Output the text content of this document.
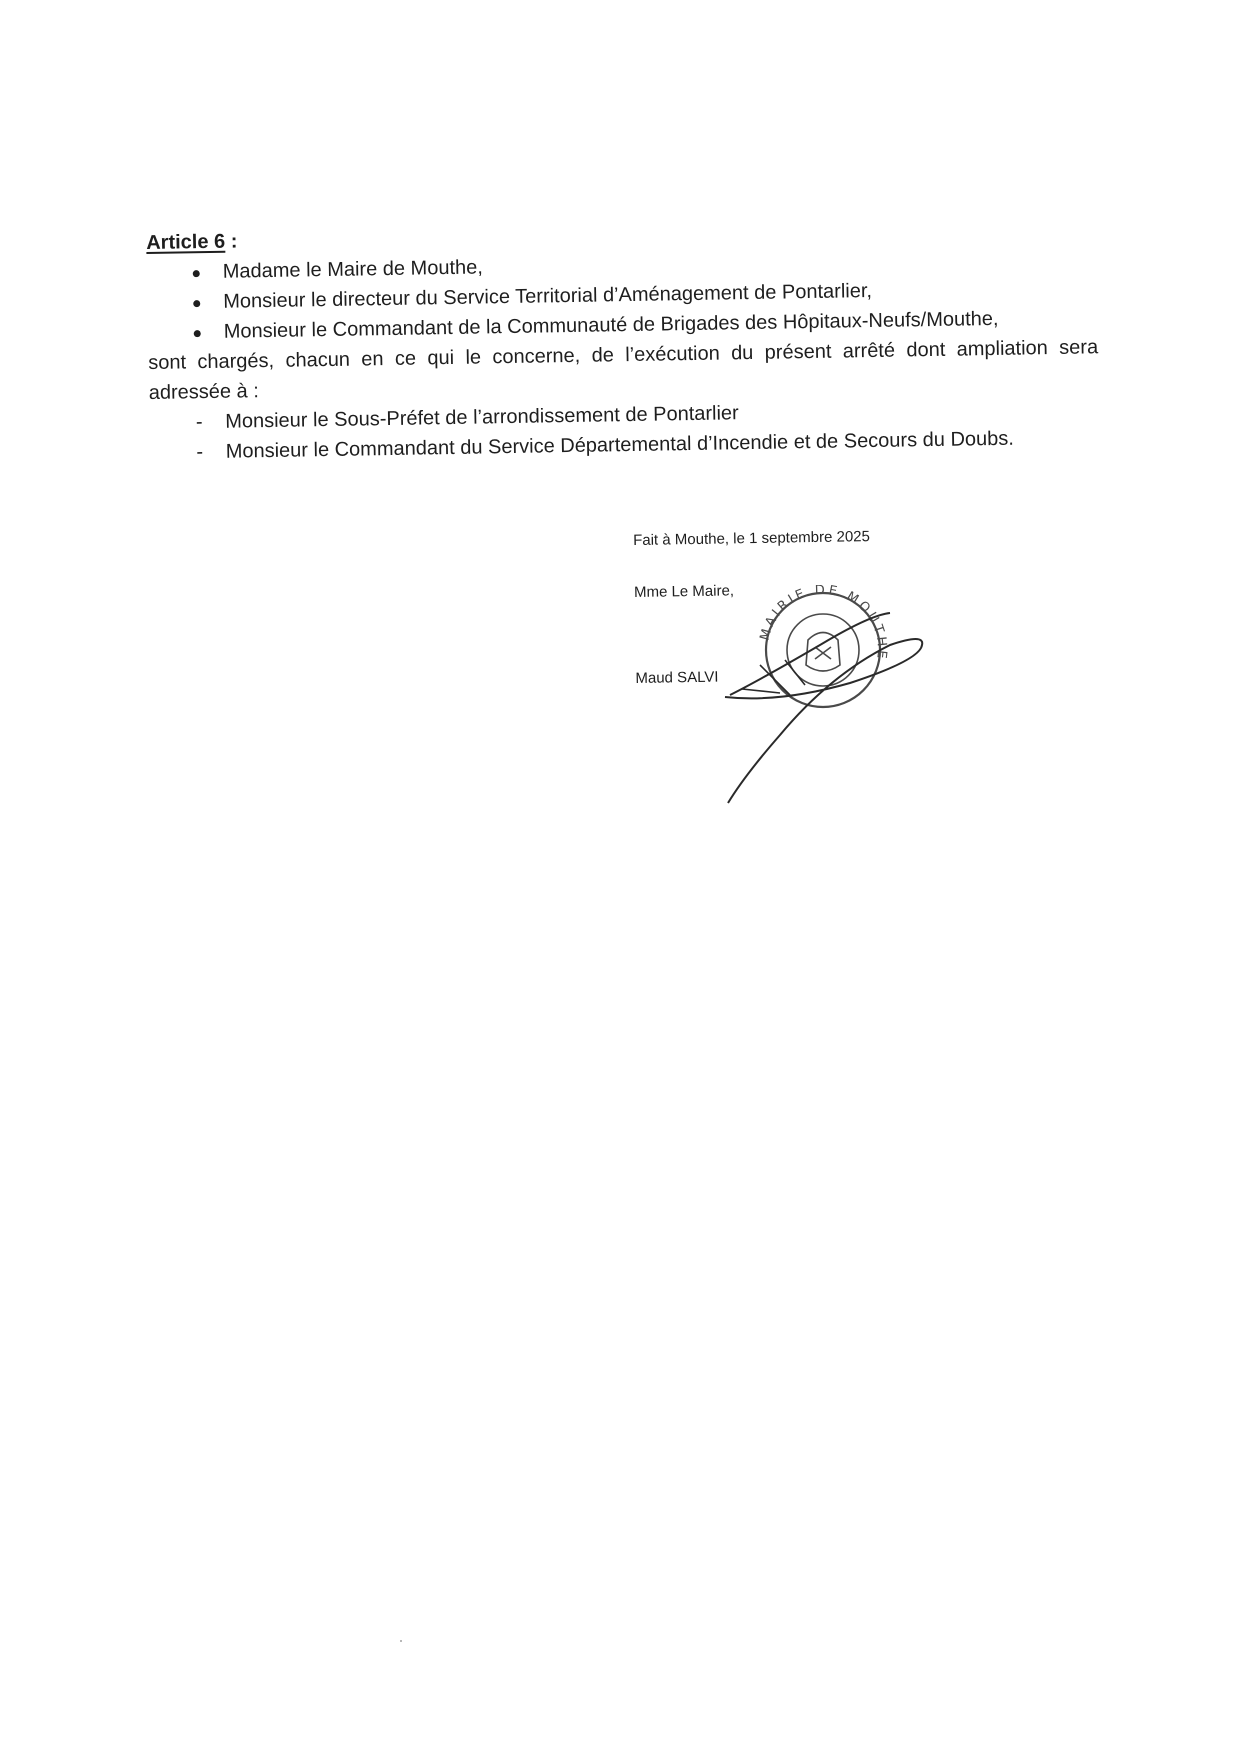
Article 6 :

Madame le Maire de Mouthe,
Monsieur le directeur du Service Territorial d’Aménagement de Pontarlier,
Monsieur le Commandant de la Communauté de Brigades des Hôpitaux-Neufs/Mouthe,

sont chargés, chacun en ce qui le concerne, de l’exécution du présent arrêté dont ampliation sera adressée à :

-	Monsieur le Sous-Préfet de l’arrondissement de Pontarlier
-	Monsieur le Commandant du Service Départemental d’Incendie et de Secours du Doubs.
Fait à Mouthe, le 1 septembre 2025
Mme Le Maire,
Maud SALVI
MAIRIE DE MOUTHE
